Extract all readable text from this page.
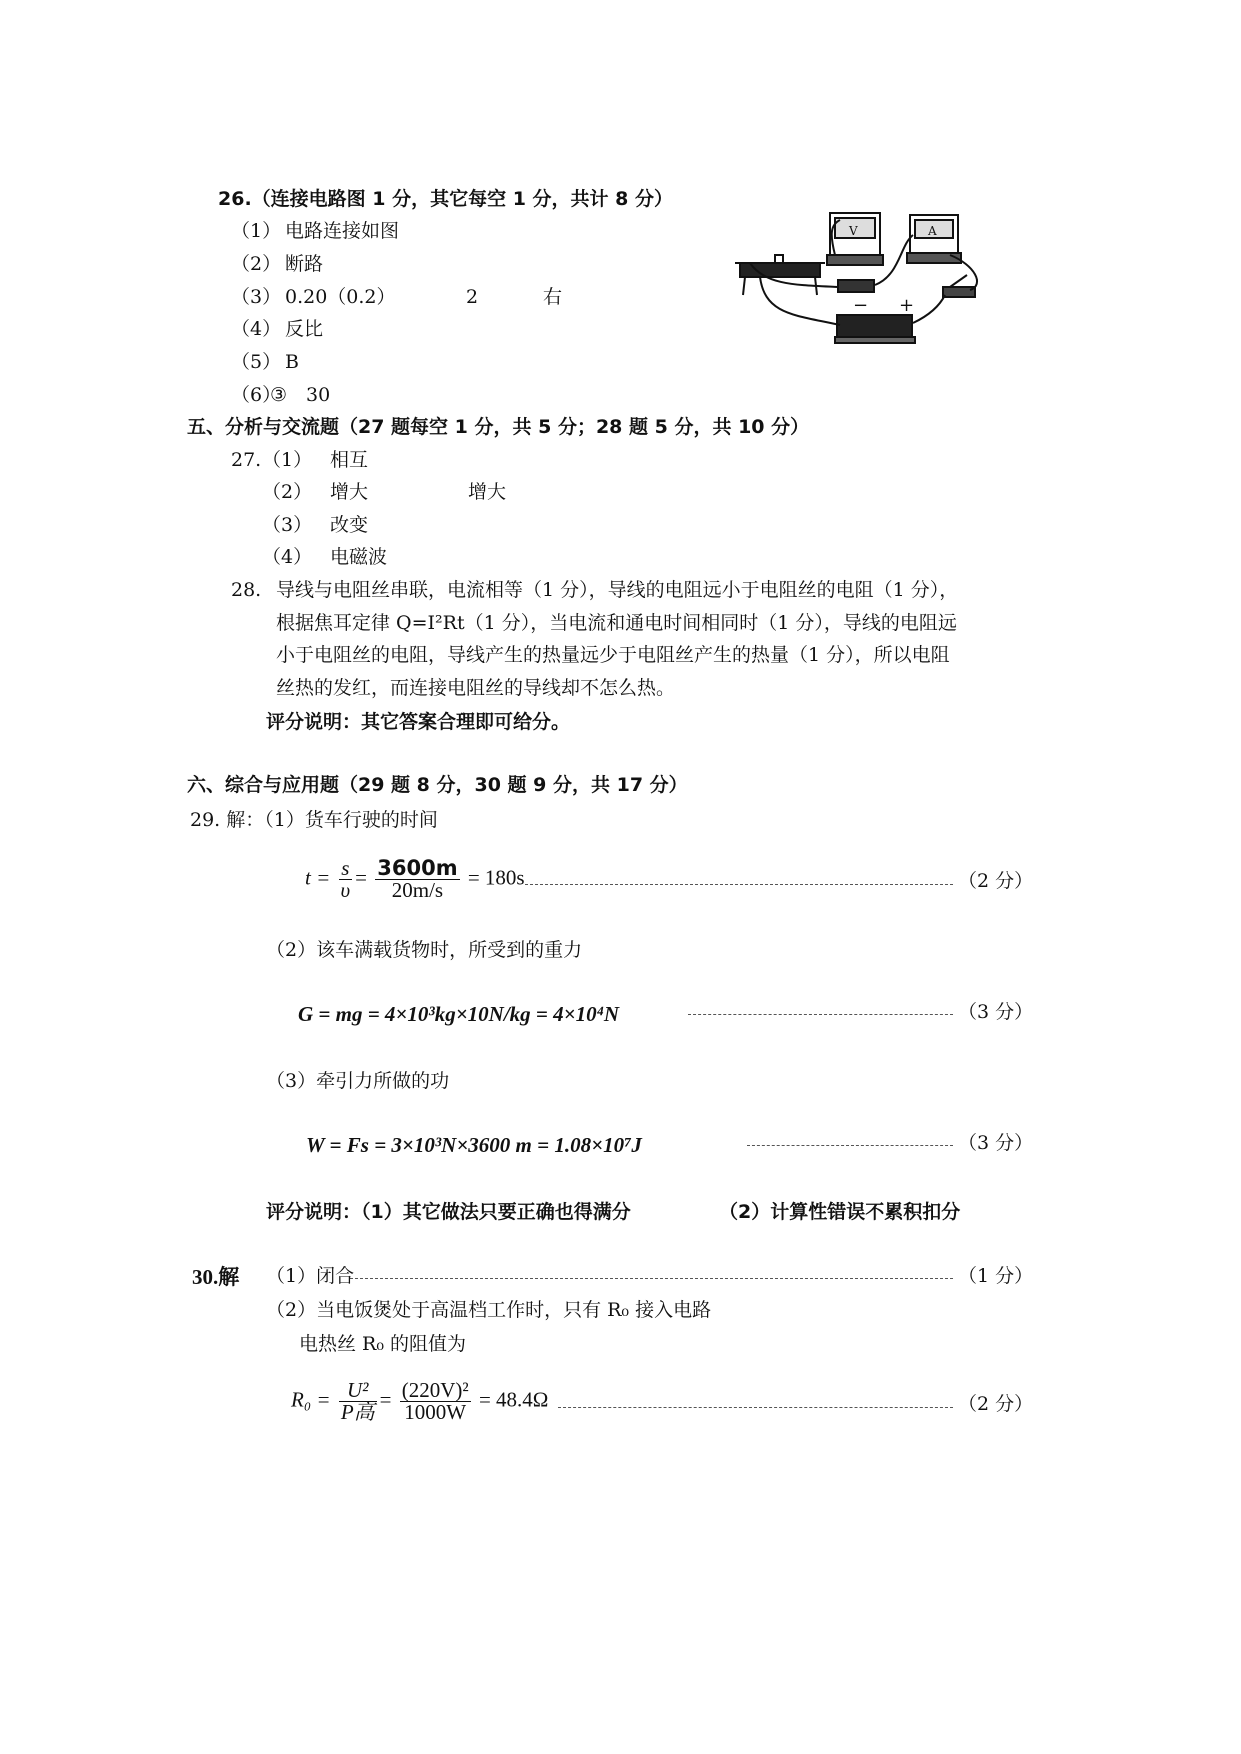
26.（连接电路图 1 分，其它每空 1 分，共计 8 分）
（1） 电路连接如图
（2） 断路
（3） 0.20（0.2）	2	右
（4） 反比
（5） B
（6）
③　30
− +
V	A
五、分析与交流题（27 题每空 1 分，共 5 分；28 题 5 分，共 10 分）
27. （1） 相互
（2） 增大	增大
（3） 改变
（4） 电磁波
28. 导线与电阻丝串联，电流相等（1 分），导线的电阻远小于电阻丝的电阻（1 分），
根据焦耳定律 Q=I²Rt（1 分），当电流和通电时间相同时（1 分），导线的电阻远
小于电阻丝的电阻，导线产生的热量远少于电阻丝产生的热量（1 分），所以电阻
丝热的发红，而连接电阻丝的导线却不怎么热。
评分说明：其它答案合理即可给分。
六、综合与应用题（29 题 8 分，30 题 9 分，共 17 分）
29. 解：（1）货车行驶的时间
$t = \frac{s}{\upsilon} = \frac{3600m}{20m/s} = 180s$	（2 分）
（2）该车满载货物时，所受到的重力
G = mg = 4×10³kg×10N/kg = 4×10⁴N	（3 分）
（3）牵引力所做的功
W = Fs = 3×10³N×3600 m = 1.08×10⁷J	（3 分）
评分说明：（1）其它做法只要正确也得满分	（2）计算性错误不累积扣分
30.解 （1）闭合	（1 分）
（2）当电饭煲处于高温档工作时，只有 R₀ 接入电路
电热丝 R₀ 的阻值为
$R_0 = \frac{\text{U²}}{\text{P高}} = \frac{\text{(220V)²}}{1000W} = 48.4\Omega$	（2 分）
